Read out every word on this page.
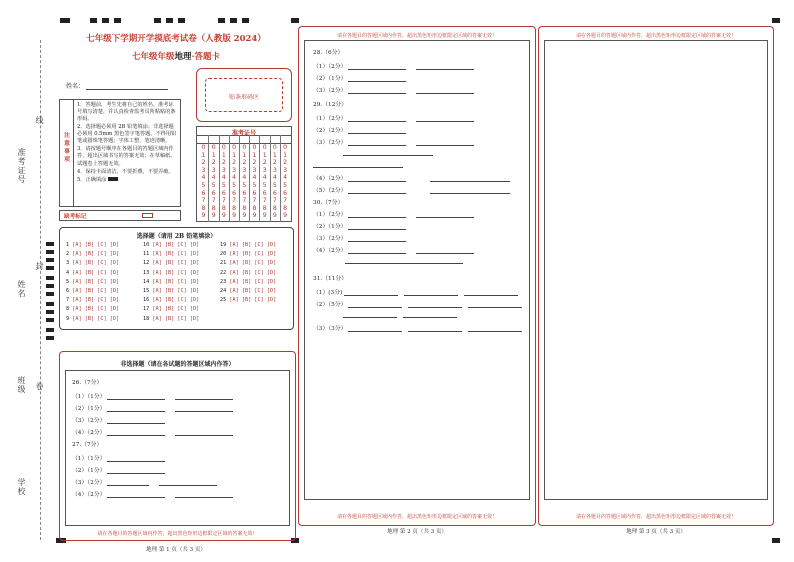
准考证号
线
姓名
封
班级 卷
学校
七年级下学期开学摸底考试卷（人教版 2024）
七年级年级地理·答题卡
姓名：
贴条形码区
注
意
事
项
1．答题前，考生先将自己的姓名、准考证号填写清楚，并认真检查监考员所粘贴的条形码。
2．选择题必须用 2B 铅笔填涂；非选择题必须用 0.5mm 黑色签字笔答题，不得用铅笔或圆珠笔答题；字体工整、笔迹清晰。
3．请按题号顺序在各题目的答题区域内作答，超出区域书写的答案无效；在草稿纸、试题卷上答题无效。
4．保持卡面清洁，不要折叠、不要弄破。
5．正确填涂
缺考标记
准考证号
0
1
2
3
4
5
6
7
8
9
0
1
2
3
4
5
6
7
8
9
0
1
2
3
4
5
6
7
8
9
0
1
2
3
4
5
6
7
8
9
0
1
2
3
4
5
6
7
8
9
0
1
2
3
4
5
6
7
8
9
0
1
2
3
4
5
6
7
8
9
0
1
2
3
4
5
6
7
8
9
0
1
2
3
4
5
6
7
8
9
选择题（请用 2B 铅笔填涂）
1 [A] [B] [C] [D]
2 [A] [B] [C] [D]
3 [A] [B] [C] [D]
4 [A] [B] [C] [D]
5 [A] [B] [C] [D]
6 [A] [B] [C] [D]
7 [A] [B] [C] [D]
8 [A] [B] [C] [D]
9 [A] [B] [C] [D]
10 [A] [B] [C] [D]
11 [A] [B] [C] [D]
12 [A] [B] [C] [D]
13 [A] [B] [C] [D]
14 [A] [B] [C] [D]
15 [A] [B] [C] [D]
16 [A] [B] [C] [D]
17 [A] [B] [C] [D]
18 [A] [B] [C] [D]
19 [A] [B] [C] [D]
20 [A] [B] [C] [D]
21 [A] [B] [C] [D]
22 [A] [B] [C] [D]
23 [A] [B] [C] [D]
24 [A] [B] [C] [D]
25 [A] [B] [C] [D]
非选择题（请在各试题的答题区域内作答）
26.（7分）
（1）（1分）
（2）（1分）
（3）（2分）
（4）（2分）
27.（7分）
（1）（1分）
（2）（1分）
（3）（2分）
（4）（2分）
请在各题目的答题区域内作答，超出黑色矩形边框限定区域的答案无效！
地理 第 1 页（共 3 页）
请在各题目的答题区域内作答，超出黑色矩形边框限定区域的答案无效！
28.（6分）
（1）（2分）
（2）（1分）
（3）（2分）
29.（12分）
（1）（2分）
（2）（2分）
（3）（2分）
（4）（2分）
（5）（2分）
30.（7分）
（1）（2分）
（2）（1分）
（3）（2分）
（4）（2分）
31.（11分）
（1）(3分)
（2）（5分）
（3）（3分）
请在各题目的答题区域内作答，超出黑色矩形边框限定区域的答案无效！
地理 第 2 页（共 3 页）
请在各题目的答题区域内作答，超出黑色矩形边框限定区域的答案无效！
请在各题目的答题区域内作答，超出黑色矩形边框限定区域的答案无效！
地理 第 3 页（共 3 页）
